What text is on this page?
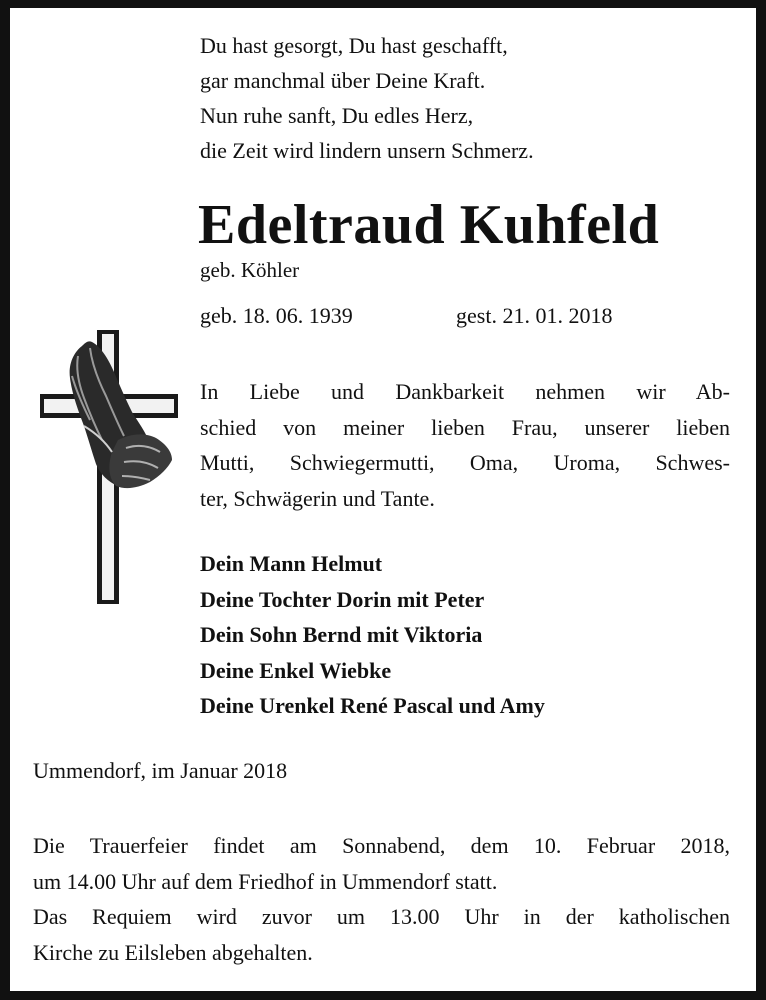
Du hast gesorgt, Du hast geschafft,
gar manchmal über Deine Kraft.
Nun ruhe sanft, Du edles Herz,
die Zeit wird lindern unsern Schmerz.
Edeltraud Kuhfeld
geb. Köhler
geb. 18. 06. 1939	gest. 21. 01. 2018
In Liebe und Dankbarkeit nehmen wir Ab-
schied von meiner lieben Frau, unserer lieben
Mutti, Schwiegermutti, Oma, Uroma, Schwes-
ter, Schwägerin und Tante.
Dein Mann Helmut
Deine Tochter Dorin mit Peter
Dein Sohn Bernd mit Viktoria
Deine Enkel Wiebke
Deine Urenkel René Pascal und Amy
Ummendorf, im Januar 2018
Die Trauerfeier findet am Sonnabend, dem 10. Februar 2018,
um 14.00 Uhr auf dem Friedhof in Ummendorf statt.
Das Requiem wird zuvor um 13.00 Uhr in der katholischen
Kirche zu Eilsleben abgehalten.
